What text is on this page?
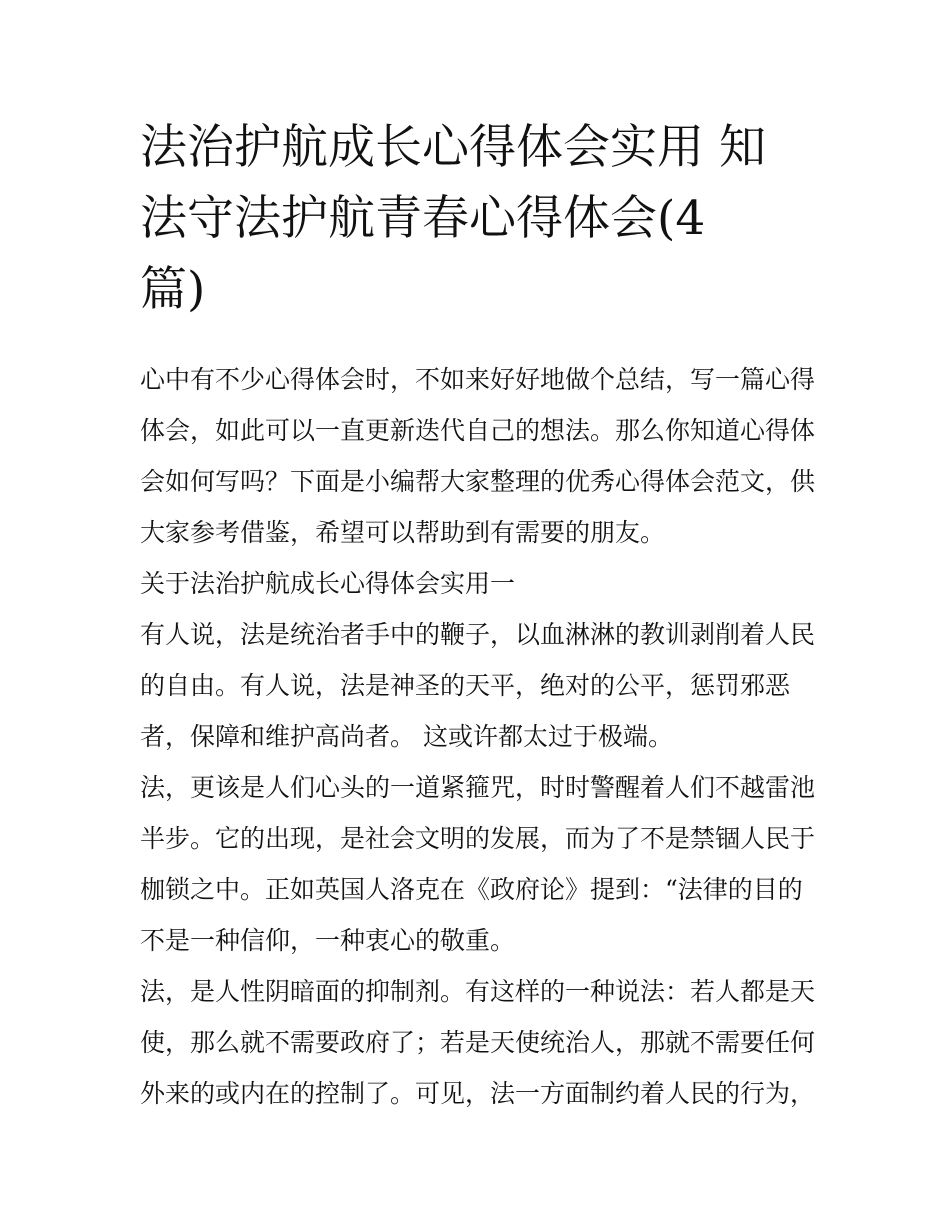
法治护航成长心得体会实用 知
法守法护航青春心得体会(4
篇)
心中有不少心得体会时，不如来好好地做个总结，写一篇心得
体会，如此可以一直更新迭代自己的想法。那么你知道心得体
会如何写吗？下面是小编帮大家整理的优秀心得体会范文，供
大家参考借鉴，希望可以帮助到有需要的朋友。
关于法治护航成长心得体会实用一
有人说，法是统治者手中的鞭子，以血淋淋的教训剥削着人民
的自由。有人说，法是神圣的天平，绝对的公平，惩罚邪恶
者，保障和维护高尚者。 这或许都太过于极端。
法，更该是人们心头的一道紧箍咒，时时警醒着人们不越雷池
半步。它的出现，是社会文明的发展，而为了不是禁锢人民于
枷锁之中。正如英国人洛克在《政府论》提到：“法律的目的
不是一种信仰，一种衷心的敬重。
法，是人性阴暗面的抑制剂。有这样的一种说法：若人都是天
使，那么就不需要政府了；若是天使统治人，那就不需要任何
外来的或内在的控制了。可见，法一方面制约着人民的行为，
